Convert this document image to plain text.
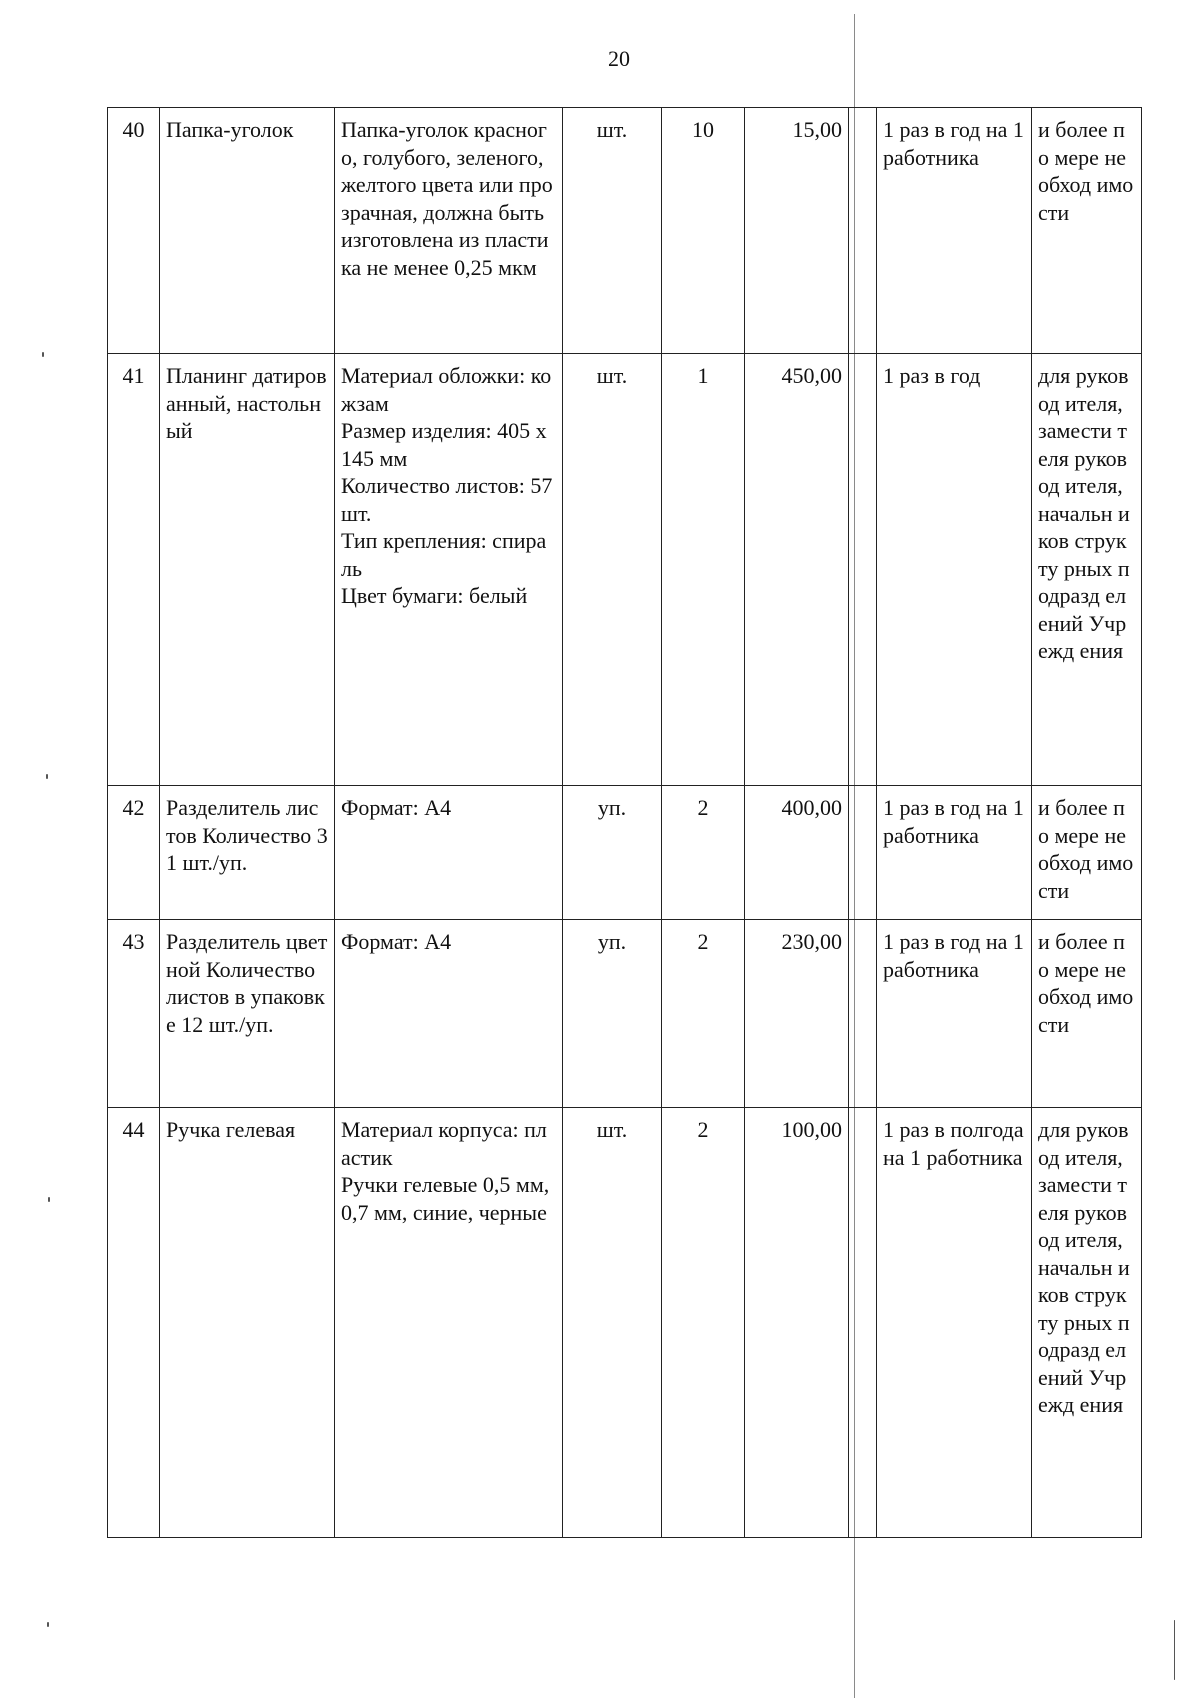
20
40	Папка-уголок	Папка-уголок красного, голубого, зеленого, желтого цвета или прозрачная, должна быть изготовлена из пластика не менее 0,25 мкм	шт.	10	15,00		1 раз в год на 1 работника	и более по мере необход имости
41	Планинг датированный, настольный	Материал обложки: кожзам
Размер изделия: 405 х 145 мм
Количество листов: 57 шт.
Тип крепления: спираль
Цвет бумаги: белый	шт.	1	450,00		1 раз в год	для руковод ителя, замести теля руковод ителя, начальн иков структу рных подразд елений Учрежд ения
42	Разделитель листов Количество 31 шт./уп.	Формат: А4	уп.	2	400,00		1 раз в год на 1 работника	и более по мере необход имости
43	Разделитель цветной Количество листов в упаковке 12 шт./уп.	Формат: А4	уп.	2	230,00		1 раз в год на 1 работника	и более по мере необход имости
44	Ручка гелевая	Материал корпуса: пластик
Ручки гелевые 0,5 мм, 0,7 мм, синие, черные	шт.	2	100,00		1 раз в полгода на 1 работника	для руковод ителя, замести теля руковод ителя, начальн иков структу рных подразд елений Учрежд ения
